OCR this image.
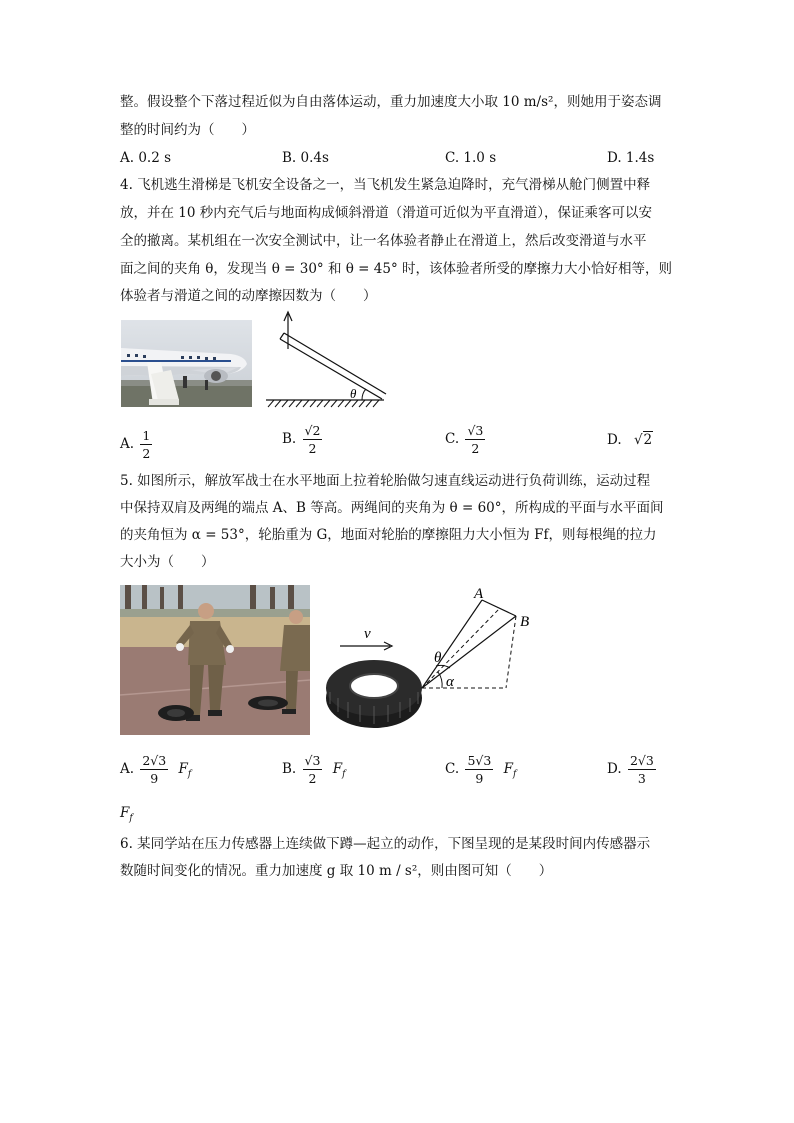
整。假设整个下落过程近似为自由落体运动，重力加速度大小取 10 m/s²，则她用于姿态调
整的时间约为（　　）
A. 0.2 s	B. 0.4s	C. 1.0 s	D. 1.4s
4. 飞机逃生滑梯是飞机安全设备之一，当飞机发生紧急迫降时，充气滑梯从舱门侧置中释
放，并在 10 秒内充气后与地面构成倾斜滑道（滑道可近似为平直滑道），保证乘客可以安
全的撤离。某机组在一次安全测试中，让一名体验者静止在滑道上，然后改变滑道与水平
面之间的夹角 θ，发现当 θ = 30° 和 θ = 45° 时，该体验者所受的摩擦力大小恰好相等，则
体验者与滑道之间的动摩擦因数为（　　）
θ
A. $\frac{1}{2}$	B. $\frac{√2}{2}$	C. $\frac{√3}{2}$	D. √2
5. 如图所示，解放军战士在水平地面上拉着轮胎做匀速直线运动进行负荷训练，运动过程
中保持双肩及两绳的端点 A、B 等高。两绳间的夹角为 θ = 60°，所构成的平面与水平面间
的夹角恒为 α = 53°，轮胎重为 G，地面对轮胎的摩擦阻力大小恒为 Ff，则每根绳的拉力
大小为（　　）
v
A
B
θ
α
A. $\frac{2√3}{9} F_f$	B. $\frac{√3}{2} F_f$	C. $\frac{5√3}{9} F_f$	D. $\frac{2√3}{3}$
$F_f$
6. 某同学站在压力传感器上连续做下蹲—起立的动作，下图呈现的是某段时间内传感器示
数随时间变化的情况。重力加速度 g 取 10 m / s²，则由图可知（　　）
